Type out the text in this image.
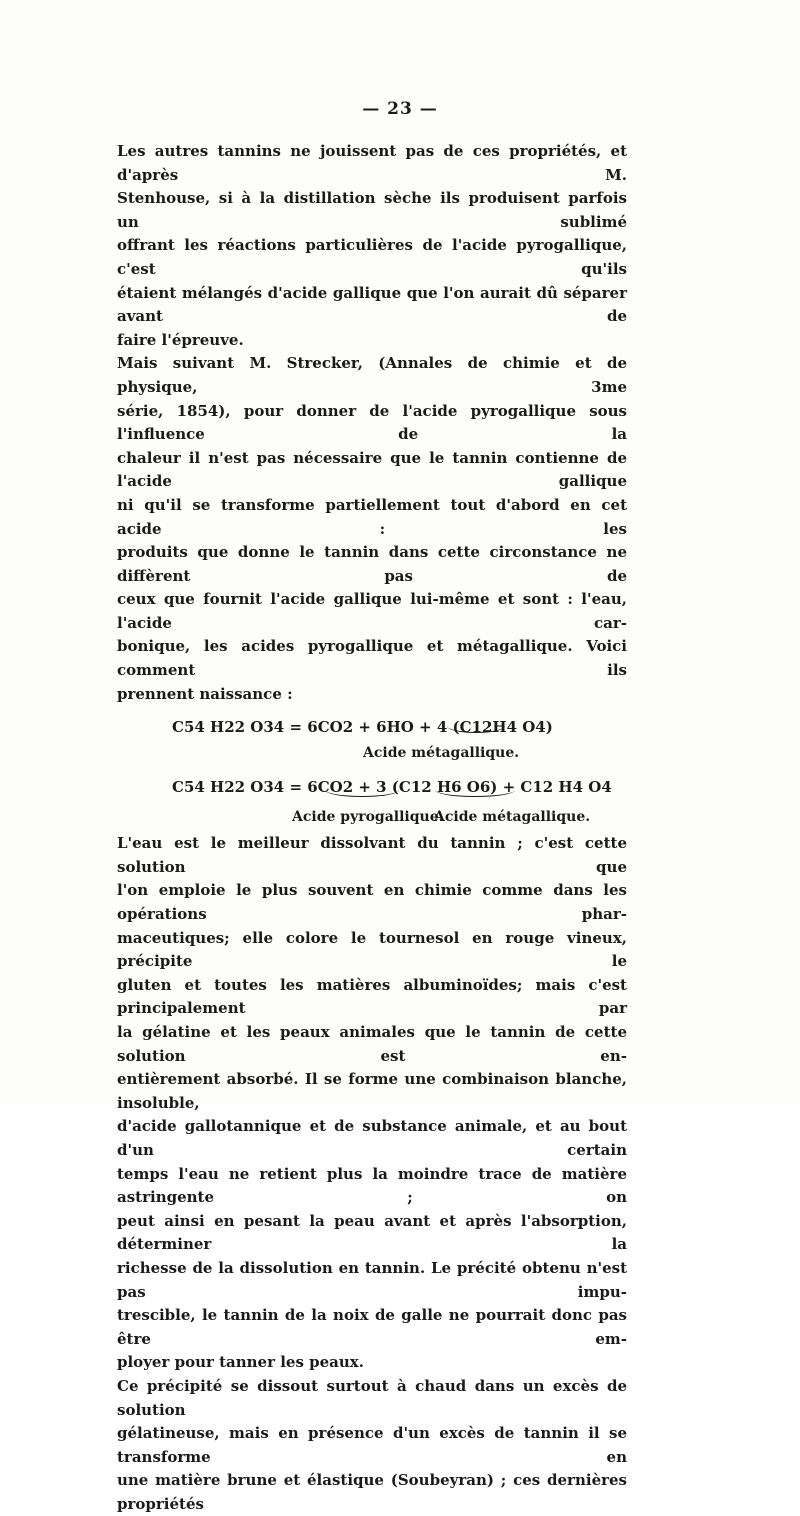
— 23 —
Les autres tannins ne jouissent pas de ces propriétés, et d'après M.
Stenhouse, si à la distillation sèche ils produisent parfois un sublimé
offrant les réactions particulières de l'acide pyrogallique, c'est qu'ils
étaient mélangés d'acide gallique que l'on aurait dû séparer avant de
faire l'épreuve.
Mais suivant M. Strecker, (Annales de chimie et de physique, 3me
série, 1854), pour donner de l'acide pyrogallique sous l'influence de la
chaleur il n'est pas nécessaire que le tannin contienne de l'acide gallique
ni qu'il se transforme partiellement tout d'abord en cet acide : les
produits que donne le tannin dans cette circonstance ne diffèrent pas de
ceux que fournit l'acide gallique lui-même et sont : l'eau, l'acide car-
bonique, les acides pyrogallique et métagallique. Voici comment ils
prennent naissance :
C54 H22 O34 = 6CO2 + 6HO + 4 (C12H4 O4)
Acide métagallique.
C54 H22 O34 = 6CO2 + 3 (C12 H6 O6) + C12 H4 O4
Acide pyrogallique.
Acide métagallique.
L'eau est le meilleur dissolvant du tannin ; c'est cette solution que
l'on emploie le plus souvent en chimie comme dans les opérations phar-
maceutiques; elle colore le tournesol en rouge vineux, précipite le
gluten et toutes les matières albuminoïdes; mais c'est principalement par
la gélatine et les peaux animales que le tannin de cette solution est en-
entièrement absorbé. Il se forme une combinaison blanche, insoluble,
d'acide gallotannique et de substance animale, et au bout d'un certain
temps l'eau ne retient plus la moindre trace de matière astringente ; on
peut ainsi en pesant la peau avant et après l'absorption, déterminer la
richesse de la dissolution en tannin. Le précité obtenu n'est pas impu-
trescible, le tannin de la noix de galle ne pourrait donc pas être em-
ployer pour tanner les peaux.
Ce précipité se dissout surtout à chaud dans un excès de solution
gélatineuse, mais en présence d'un excès de tannin il se transforme en
une matière brune et élastique (Soubeyran) ; ces dernières propriétés
